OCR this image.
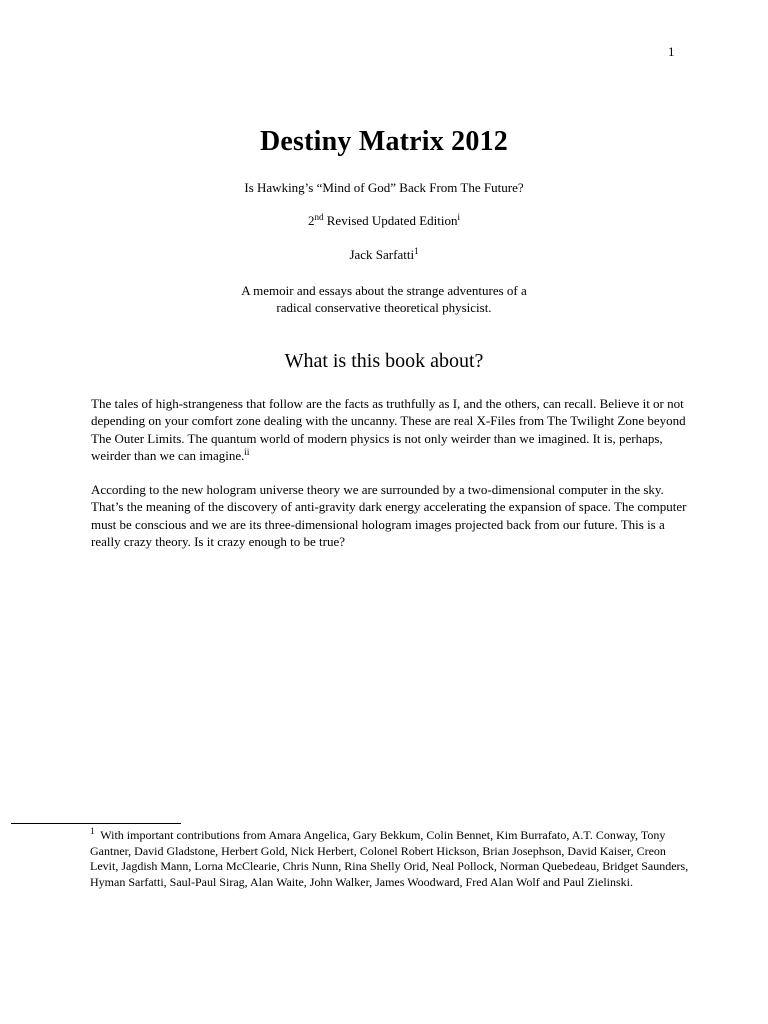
1
Destiny Matrix 2012
Is Hawking’s “Mind of God” Back From The Future?
2nd Revised Updated Edition$^i$
Jack Sarfatti$^1$
A memoir and essays about the strange adventures of a
radical conservative theoretical physicist.
What is this book about?

The tales of high-strangeness that follow are the facts as truthfully as I, and the others, can recall. Believe it or not depending on your comfort zone dealing with the uncanny. These are real X-Files from The Twilight Zone beyond The Outer Limits. The quantum world of modern physics is not only weirder than we imagined. It is, perhaps, weirder than we can imagine.$^{ii}$

According to the new hologram universe theory we are surrounded by a two-dimensional computer in the sky. That’s the meaning of the discovery of anti-gravity dark energy accelerating the expansion of space. The computer must be conscious and we are its three-dimensional hologram images projected back from our future. This is a really crazy theory. Is it crazy enough to be true?

$^1$ With important contributions from Amara Angelica, Gary Bekkum, Colin Bennet, Kim Burrafato, A.T. Conway, Tony Gantner, David Gladstone, Herbert Gold, Nick Herbert, Colonel Robert Hickson, Brian Josephson, David Kaiser, Creon Levit, Jagdish Mann, Lorna McClearie, Chris Nunn, Rina Shelly Orid, Neal Pollock, Norman Quebedeau, Bridget Saunders, Hyman Sarfatti, Saul-Paul Sirag, Alan Waite, John Walker, James Woodward, Fred Alan Wolf and Paul Zielinski.
